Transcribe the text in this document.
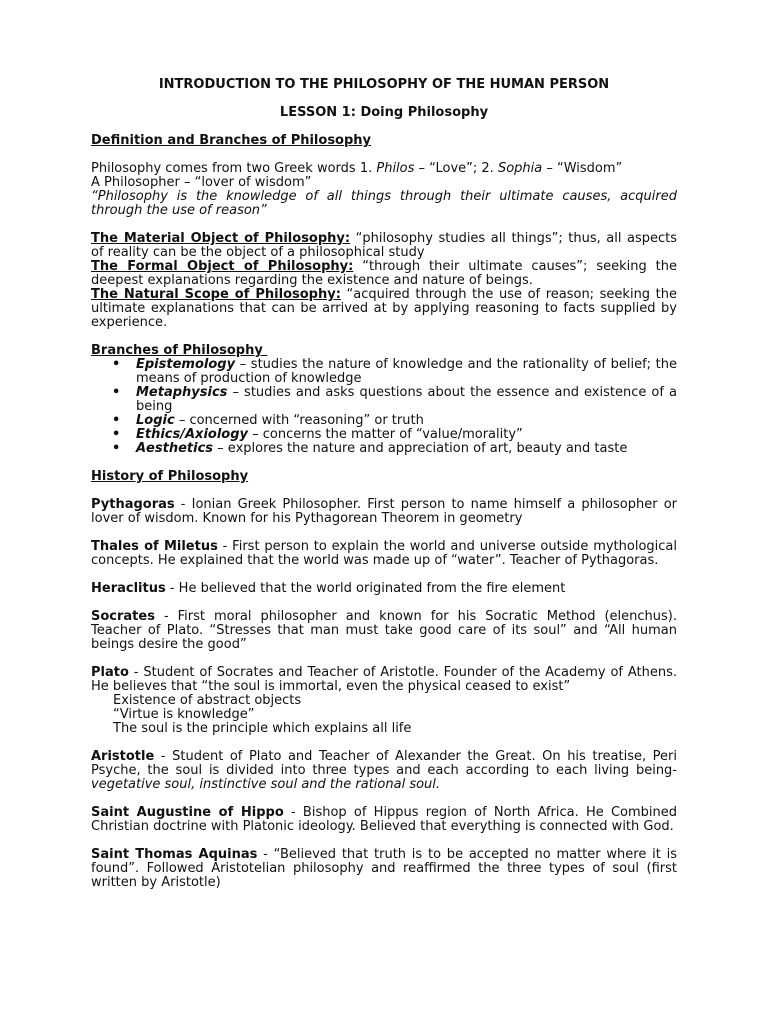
INTRODUCTION TO THE PHILOSOPHY OF THE HUMAN PERSON

LESSON 1: Doing Philosophy

Definition and Branches of Philosophy

Philosophy comes from two Greek words 1. Philos – “Love”; 2. Sophia – “Wisdom”

A Philosopher – “lover of wisdom”

“Philosophy is the knowledge of all things through their ultimate causes, acquired through the use of reason”

The Material Object of Philosophy: “philosophy studies all things”; thus, all aspects of reality can be the object of a philosophical study

The Formal Object of Philosophy: “through their ultimate causes”; seeking the deepest explanations regarding the existence and nature of beings.

The Natural Scope of Philosophy: “acquired through the use of reason; seeking the ultimate explanations that can be arrived at by applying reasoning to facts supplied by experience.

Branches of Philosophy

• Epistemology – studies the nature of knowledge and the rationality of belief; the means of production of knowledge
• Metaphysics – studies and asks questions about the essence and existence of a being
• Logic – concerned with “reasoning” or truth
• Ethics/Axiology – concerns the matter of “value/morality”
• Aesthetics – explores the nature and appreciation of art, beauty and taste

History of Philosophy

Pythagoras - Ionian Greek Philosopher. First person to name himself a philosopher or lover of wisdom. Known for his Pythagorean Theorem in geometry

Thales of Miletus - First person to explain the world and universe outside mythological concepts. He explained that the world was made up of “water”. Teacher of Pythagoras.

Heraclitus - He believed that the world originated from the fire element

Socrates - First moral philosopher and known for his Socratic Method (elenchus). Teacher of Plato. “Stresses that man must take good care of its soul” and “All human beings desire the good”

Plato - Student of Socrates and Teacher of Aristotle. Founder of the Academy of Athens. He believes that “the soul is immortal, even the physical ceased to exist”

Existence of abstract objects

“Virtue is knowledge”

The soul is the principle which explains all life

Aristotle - Student of Plato and Teacher of Alexander the Great. On his treatise, Peri Psyche, the soul is divided into three types and each according to each living being-vegetative soul, instinctive soul and the rational soul.

Saint Augustine of Hippo - Bishop of Hippus region of North Africa. He Combined Christian doctrine with Platonic ideology. Believed that everything is connected with God.

Saint Thomas Aquinas - “Believed that truth is to be accepted no matter where it is found”. Followed Aristotelian philosophy and reaffirmed the three types of soul (first written by Aristotle)
